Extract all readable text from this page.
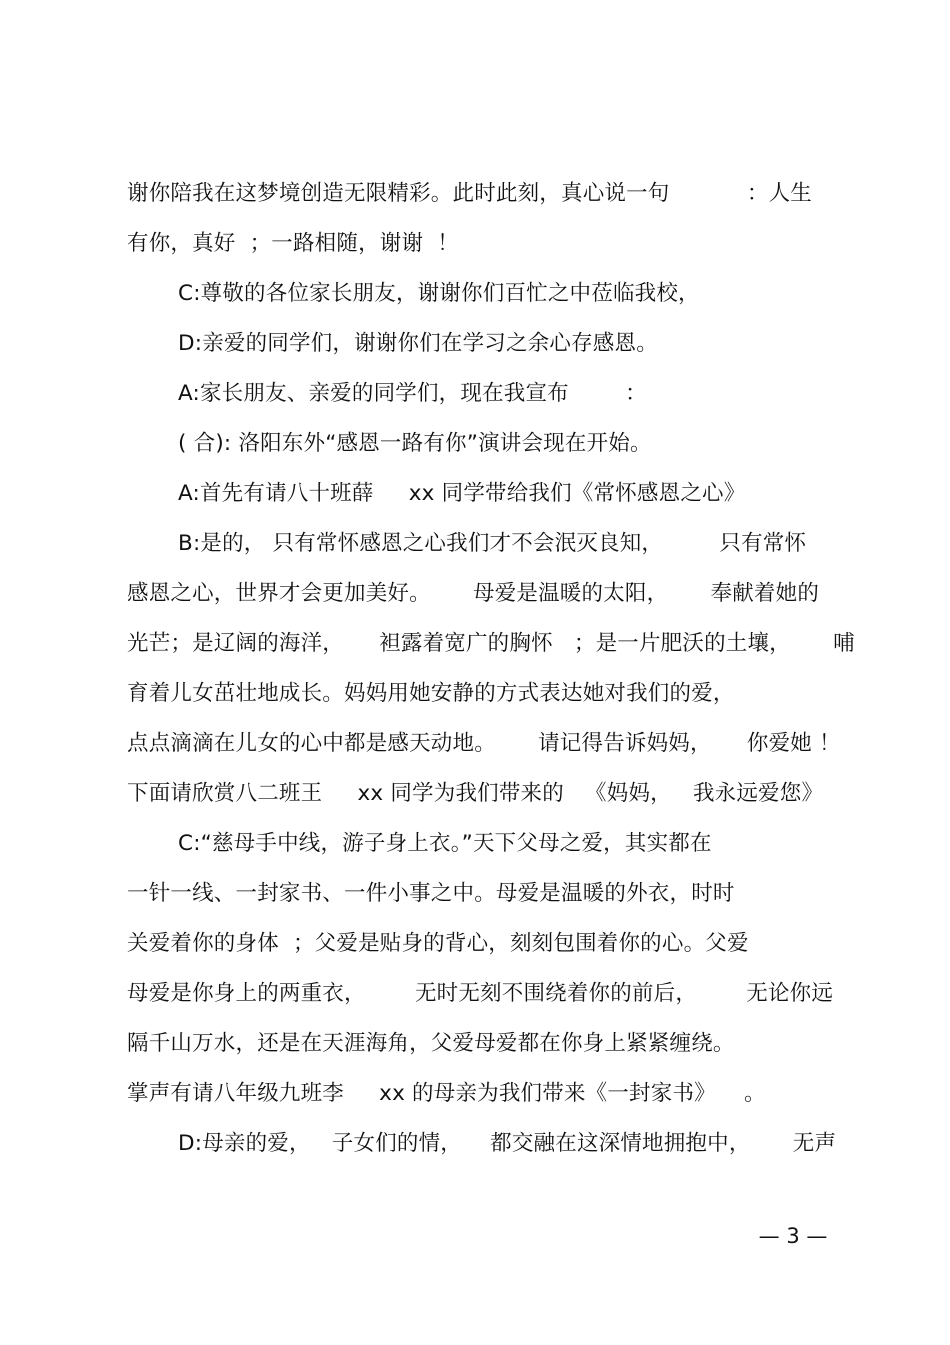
谢你陪我在这梦境创造无限精彩。此时此刻，真心说一句           ：人生
有你，真好  ；一路相随，谢谢  ！
C:尊敬的各位家长朋友，谢谢你们百忙之中莅临我校，
D:亲爱的同学们，谢谢你们在学习之余心存感恩。
A:家长朋友、亲爱的同学们，现在我宣布        ：
( 合): 洛阳东外“感恩一路有你”演讲会现在开始。
A:首先有请八十班薛     xx 同学带给我们《常怀感恩之心》
B:是的， 只有常怀感恩之心我们才不会泯灭良知，        只有常怀
感恩之心，世界才会更加美好。      母爱是温暖的太阳，      奉献着她的
光芒；是辽阔的海洋，     袒露着宽广的胸怀   ；是一片肥沃的土壤，      哺
育着儿女茁壮地成长。妈妈用她安静的方式表达她对我们的爱，
点点滴滴在儿女的心中都是感天动地。      请记得告诉妈妈，     你爱她 ！
下面请欣赏八二班王     xx 同学为我们带来的   《妈妈，   我永远爱您》
C:“慈母手中线，游子身上衣。”天下父母之爱，其实都在
一针一线、一封家书、一件小事之中。母爱是温暖的外衣，时时
关爱着你的身体  ；父爱是贴身的背心，刻刻包围着你的心。父爱
母爱是你身上的两重衣，       无时无刻不围绕着你的前后，       无论你远
隔千山万水，还是在天涯海角，父爱母爱都在你身上紧紧缠绕。
掌声有请八年级九班李     xx 的母亲为我们带来《一封家书》    。
D:母亲的爱，   子女们的情，    都交融在这深情地拥抱中，      无声
— 3 —
